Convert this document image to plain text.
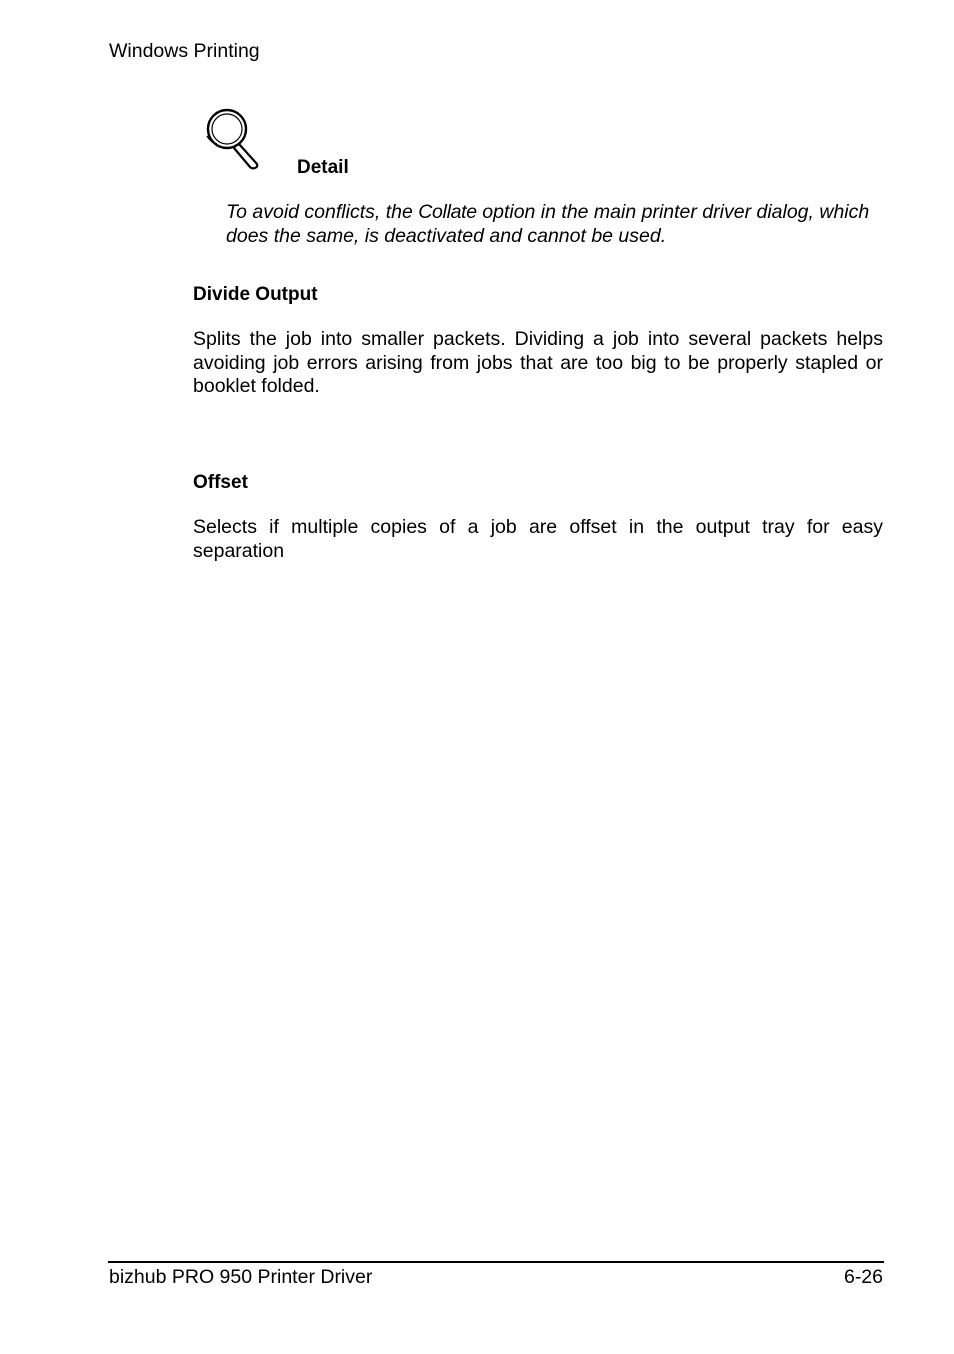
Windows Printing
Detail

To avoid conflicts, the Collate option in the main printer driver dialog, which does the same, is deactivated and cannot be used.

Divide Output

Splits the job into smaller packets. Dividing a job into several packets helps avoiding job errors arising from jobs that are too big to be properly stapled or booklet folded.

Offset

Selects if multiple copies of a job are offset in the output tray for easy separation

bizhub PRO 950 Printer Driver	6-26
